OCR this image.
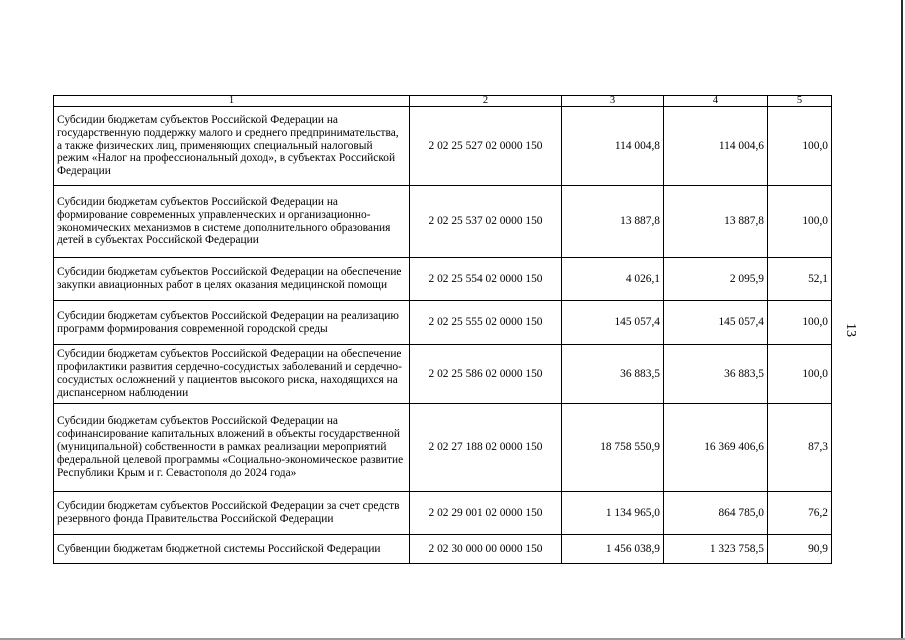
1	2	3	4	5
Субсидии бюджетам субъектов Российской Федерации на государственную поддержку малого и среднего предпринимательства, а также физических лиц, применяющих специальный налоговый режим «Налог на профессиональный доход», в субъектах Российской Федерации	2 02 25 527 02 0000 150	114 004,8	114 004,6	100,0
Субсидии бюджетам субъектов Российской Федерации на формирование современных управленческих и организационно-экономических механизмов в системе дополнительного образования детей в субъектах Российской Федерации	2 02 25 537 02 0000 150	13 887,8	13 887,8	100,0
Субсидии бюджетам субъектов Российской Федерации на обеспечение закупки авиационных работ в целях оказания медицинской помощи	2 02 25 554 02 0000 150	4 026,1	2 095,9	52,1
Субсидии бюджетам субъектов Российской Федерации на реализацию программ формирования современной городской среды	2 02 25 555 02 0000 150	145 057,4	145 057,4	100,0
Субсидии бюджетам субъектов Российской Федерации на обеспечение профилактики развития сердечно-сосудистых заболеваний и сердечно-сосудистых осложнений у пациентов высокого риска, находящихся на диспансерном наблюдении	2 02 25 586 02 0000 150	36 883,5	36 883,5	100,0
Субсидии бюджетам субъектов Российской Федерации на софинансирование капитальных вложений в объекты государственной (муниципальной) собственности в рамках реализации мероприятий федеральной целевой программы «Социально-экономическое развитие Республики Крым и г. Севастополя до 2024 года»	2 02 27 188 02 0000 150	18 758 550,9	16 369 406,6	87,3
Субсидии бюджетам субъектов Российской Федерации за счет средств резервного фонда Правительства Российской Федерации	2 02 29 001 02 0000 150	1 134 965,0	864 785,0	76,2
Субвенции бюджетам бюджетной системы Российской Федерации	2 02 30 000 00 0000 150	1 456 038,9	1 323 758,5	90,9
13
